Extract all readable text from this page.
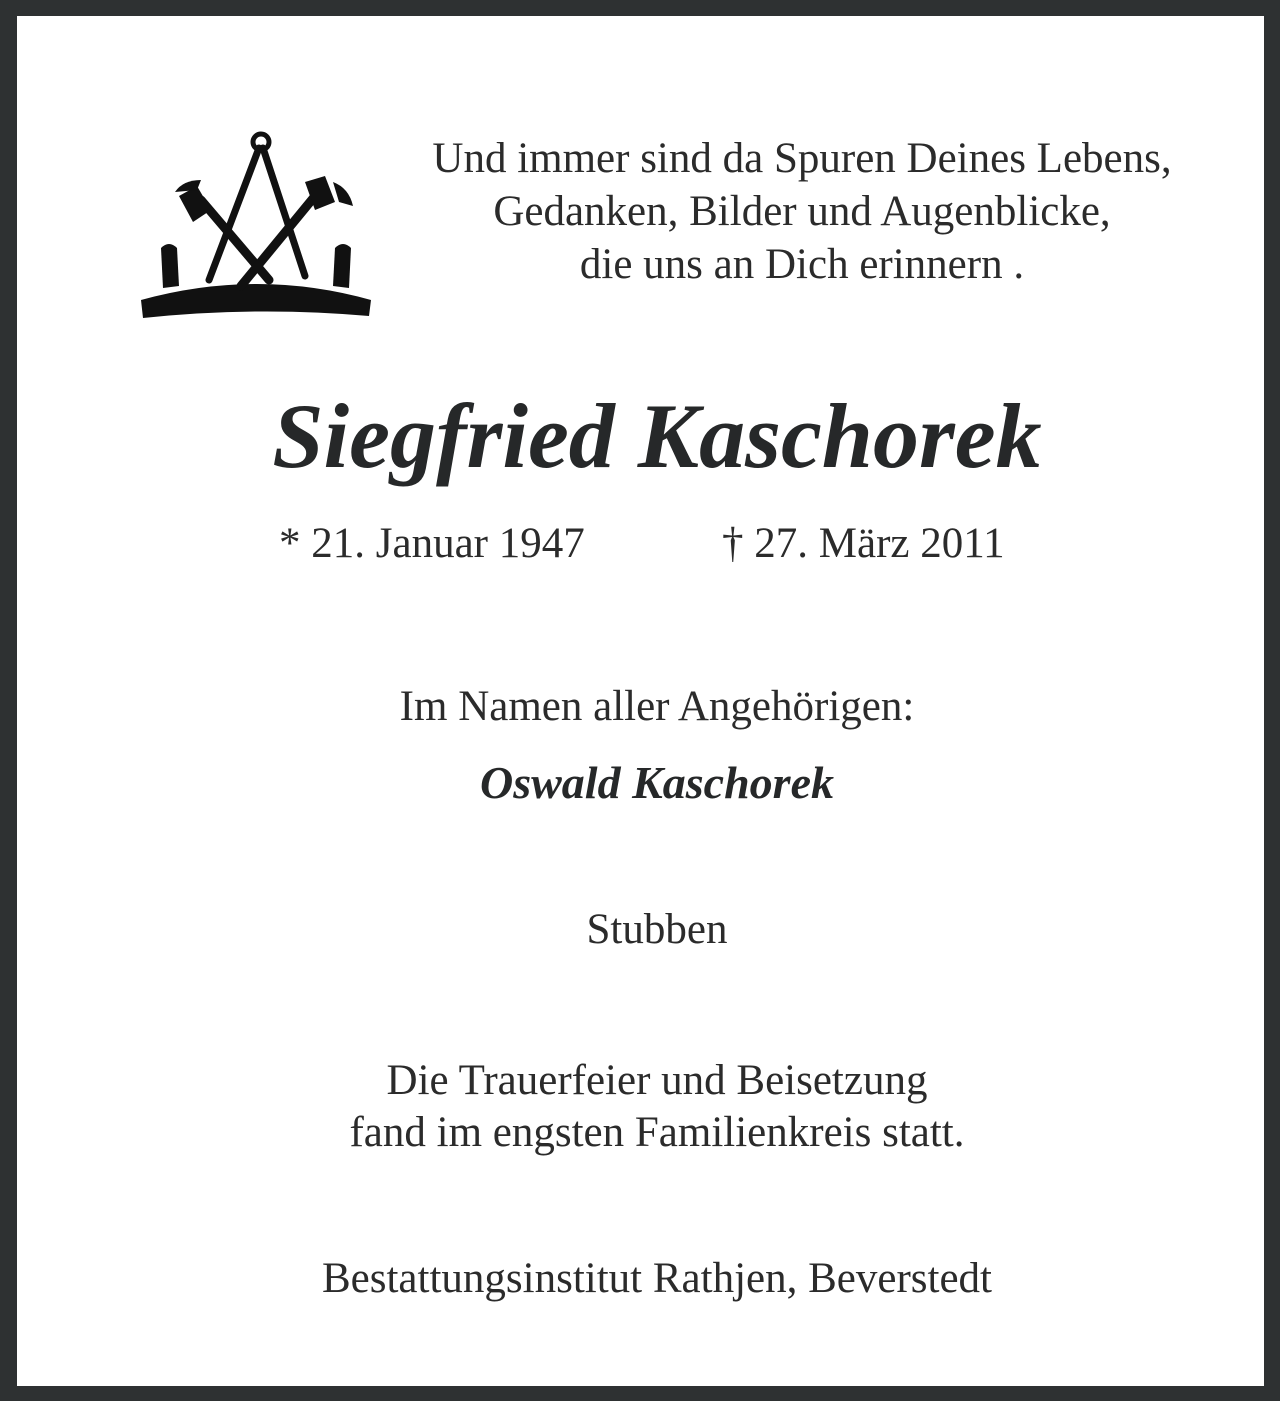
Und immer sind da Spuren Deines Lebens,
Gedanken, Bilder und Augenblicke,
die uns an Dich erinnern .
Siegfried Kaschorek
* 21. Januar 1947	† 27. März 2011
Im Namen aller Angehörigen:
Oswald Kaschorek
Stubben
Die Trauerfeier und Beisetzung
fand im engsten Familienkreis statt.
Bestattungsinstitut Rathjen, Beverstedt
